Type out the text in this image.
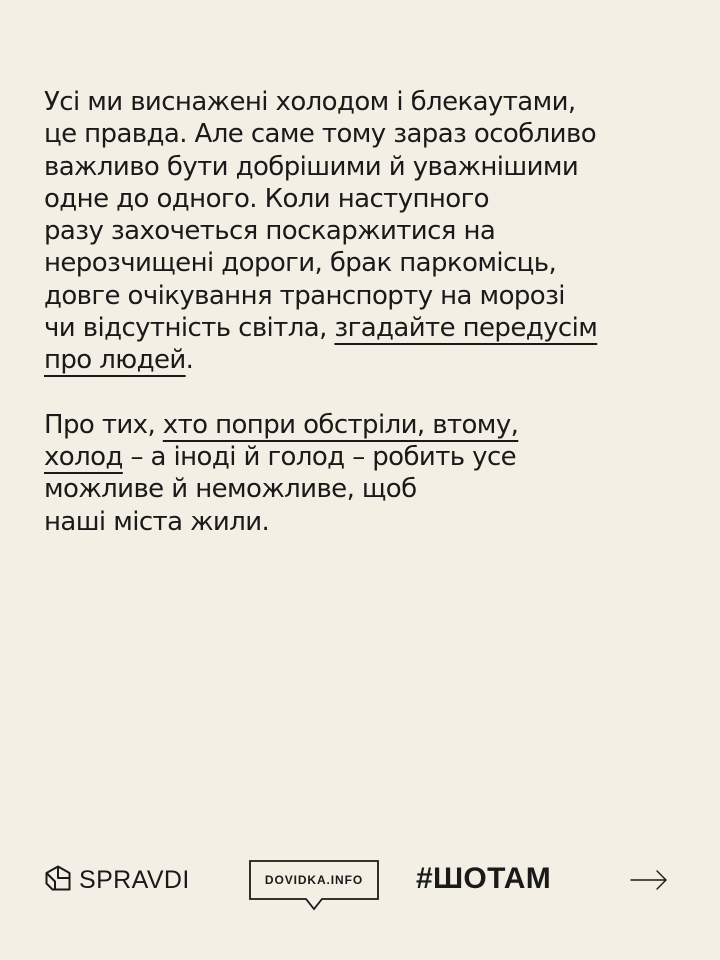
Усі ми виснажені холодом і блекаутами,
це правда. Але саме тому зараз особливо
важливо бути добрішими й уважнішими
одне до одного. Коли наступного
разу захочеться поскаржитися на
нерозчищені дороги, брак паркомісць,
довге очікування транспорту на морозі
чи відсутність світла, згадайте передусім
про людей.

Про тих, хто попри обстріли, втому,
холод – а іноді й голод – робить усе
можливе й неможливе, щоб
наші міста жили.

SPRAVDI	DOVIDKA.INFO	#ШОТАМ
